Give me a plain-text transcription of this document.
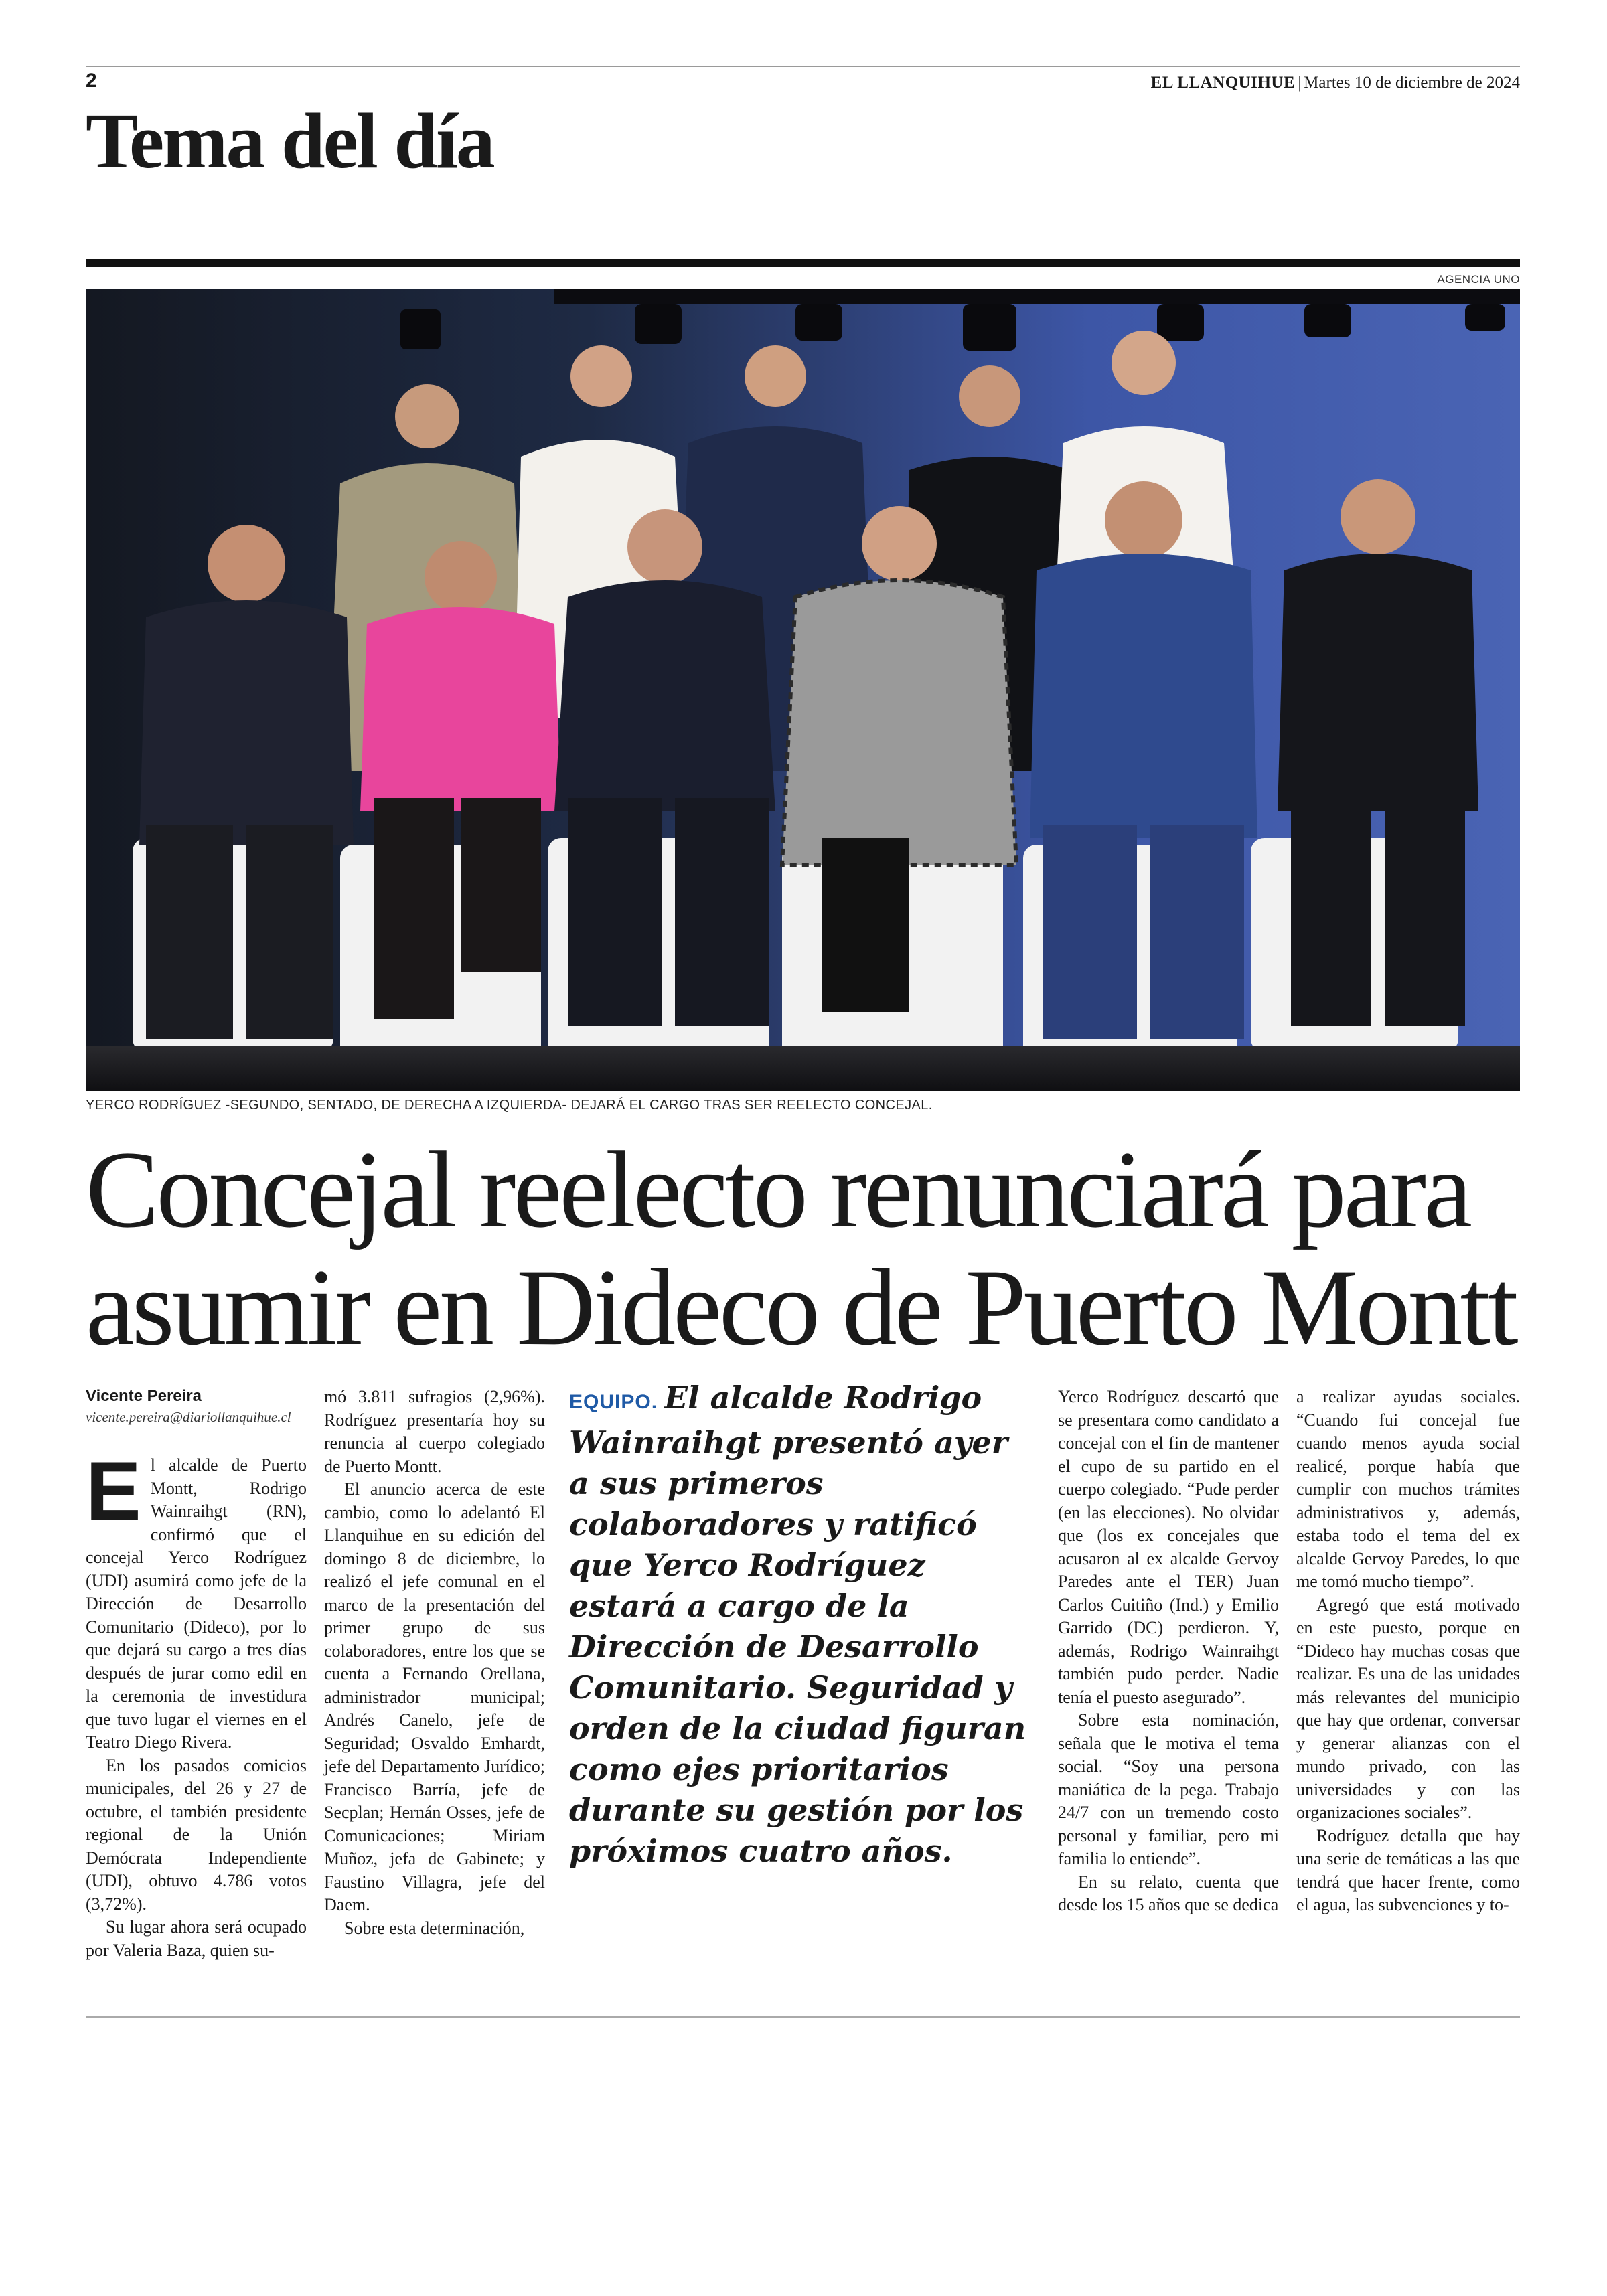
2	EL LLANQUIHUE | Martes 10 de diciembre de 2024
Tema del día
AGENCIA UNO
YERCO RODRÍGUEZ -SEGUNDO, SENTADO, DE DERECHA A IZQUIERDA- DEJARÁ EL CARGO TRAS SER REELECTO CONCEJAL.
Concejal reelecto renunciará para
asumir en Dideco de Puerto Montt
Vicente Pereira
vicente.pereira@diariollanquihue.cl

El alcalde de Puerto Montt, Rodrigo Wainraihgt (RN), confirmó que el concejal Yerco Rodríguez (UDI) asumirá como jefe de la Dirección de Desarrollo Comunitario (Dideco), por lo que dejará su cargo a tres días después de jurar como edil en la ceremonia de investidura que tuvo lugar el viernes en el Teatro Diego Rivera.

En los pasados comicios municipales, del 26 y 27 de octubre, el también presidente regional de la Unión Demócrata Independiente (UDI), obtuvo 4.786 votos (3,72%).

Su lugar ahora será ocupado por Valeria Baza, quien su-

mó 3.811 sufragios (2,96%). Rodríguez presentaría hoy su renuncia al cuerpo colegiado de Puerto Montt.

El anuncio acerca de este cambio, como lo adelantó El Llanquihue en su edición del domingo 8 de diciembre, lo realizó el jefe comunal en el marco de la presentación del primer grupo de sus colaboradores, entre los que se cuenta a Fernando Orellana, administrador municipal; Andrés Canelo, jefe de Seguridad; Osvaldo Emhardt, jefe del Departamento Jurídico; Francisco Barría, jefe de Secplan; Hernán Osses, jefe de Comunicaciones; Miriam Muñoz, jefa de Gabinete; y Faustino Villagra, jefe del Daem.

Sobre esta determinación,

EQUIPO. El alcalde Rodrigo Wainraihgt presentó ayer a sus primeros colaboradores y ratificó que Yerco Rodríguez estará a cargo de la Dirección de Desarrollo Comunitario. Seguridad y orden de la ciudad figuran como ejes prioritarios durante su gestión por los próximos cuatro años.

Yerco Rodríguez descartó que se presentara como candidato a concejal con el fin de mantener el cupo de su partido en el cuerpo colegiado. “Pude perder (en las elecciones). No olvidar que (los ex concejales que acusaron al ex alcalde Gervoy Paredes ante el TER) Juan Carlos Cuitiño (Ind.) y Emilio Garrido (DC) perdieron. Y, además, Rodrigo Wainraihgt también pudo perder. Nadie tenía el puesto asegurado”.

Sobre esta nominación, señala que le motiva el tema social. “Soy una persona maniática de la pega. Trabajo 24/7 con un tremendo costo personal y familiar, pero mi familia lo entiende”.

En su relato, cuenta que desde los 15 años que se dedica

a realizar ayudas sociales. “Cuando fui concejal fue cuando menos ayuda social realicé, porque había que cumplir con muchos trámites administrativos y, además, estaba todo el tema del ex alcalde Gervoy Paredes, lo que me tomó mucho tiempo”.

Agregó que está motivado en este puesto, porque en “Dideco hay muchas cosas que realizar. Es una de las unidades más relevantes del municipio que hay que ordenar, conversar y generar alianzas con el mundo privado, con las universidades y con las organizaciones sociales”.

Rodríguez detalla que hay una serie de temáticas a las que tendrá que hacer frente, como el agua, las subvenciones y to-
